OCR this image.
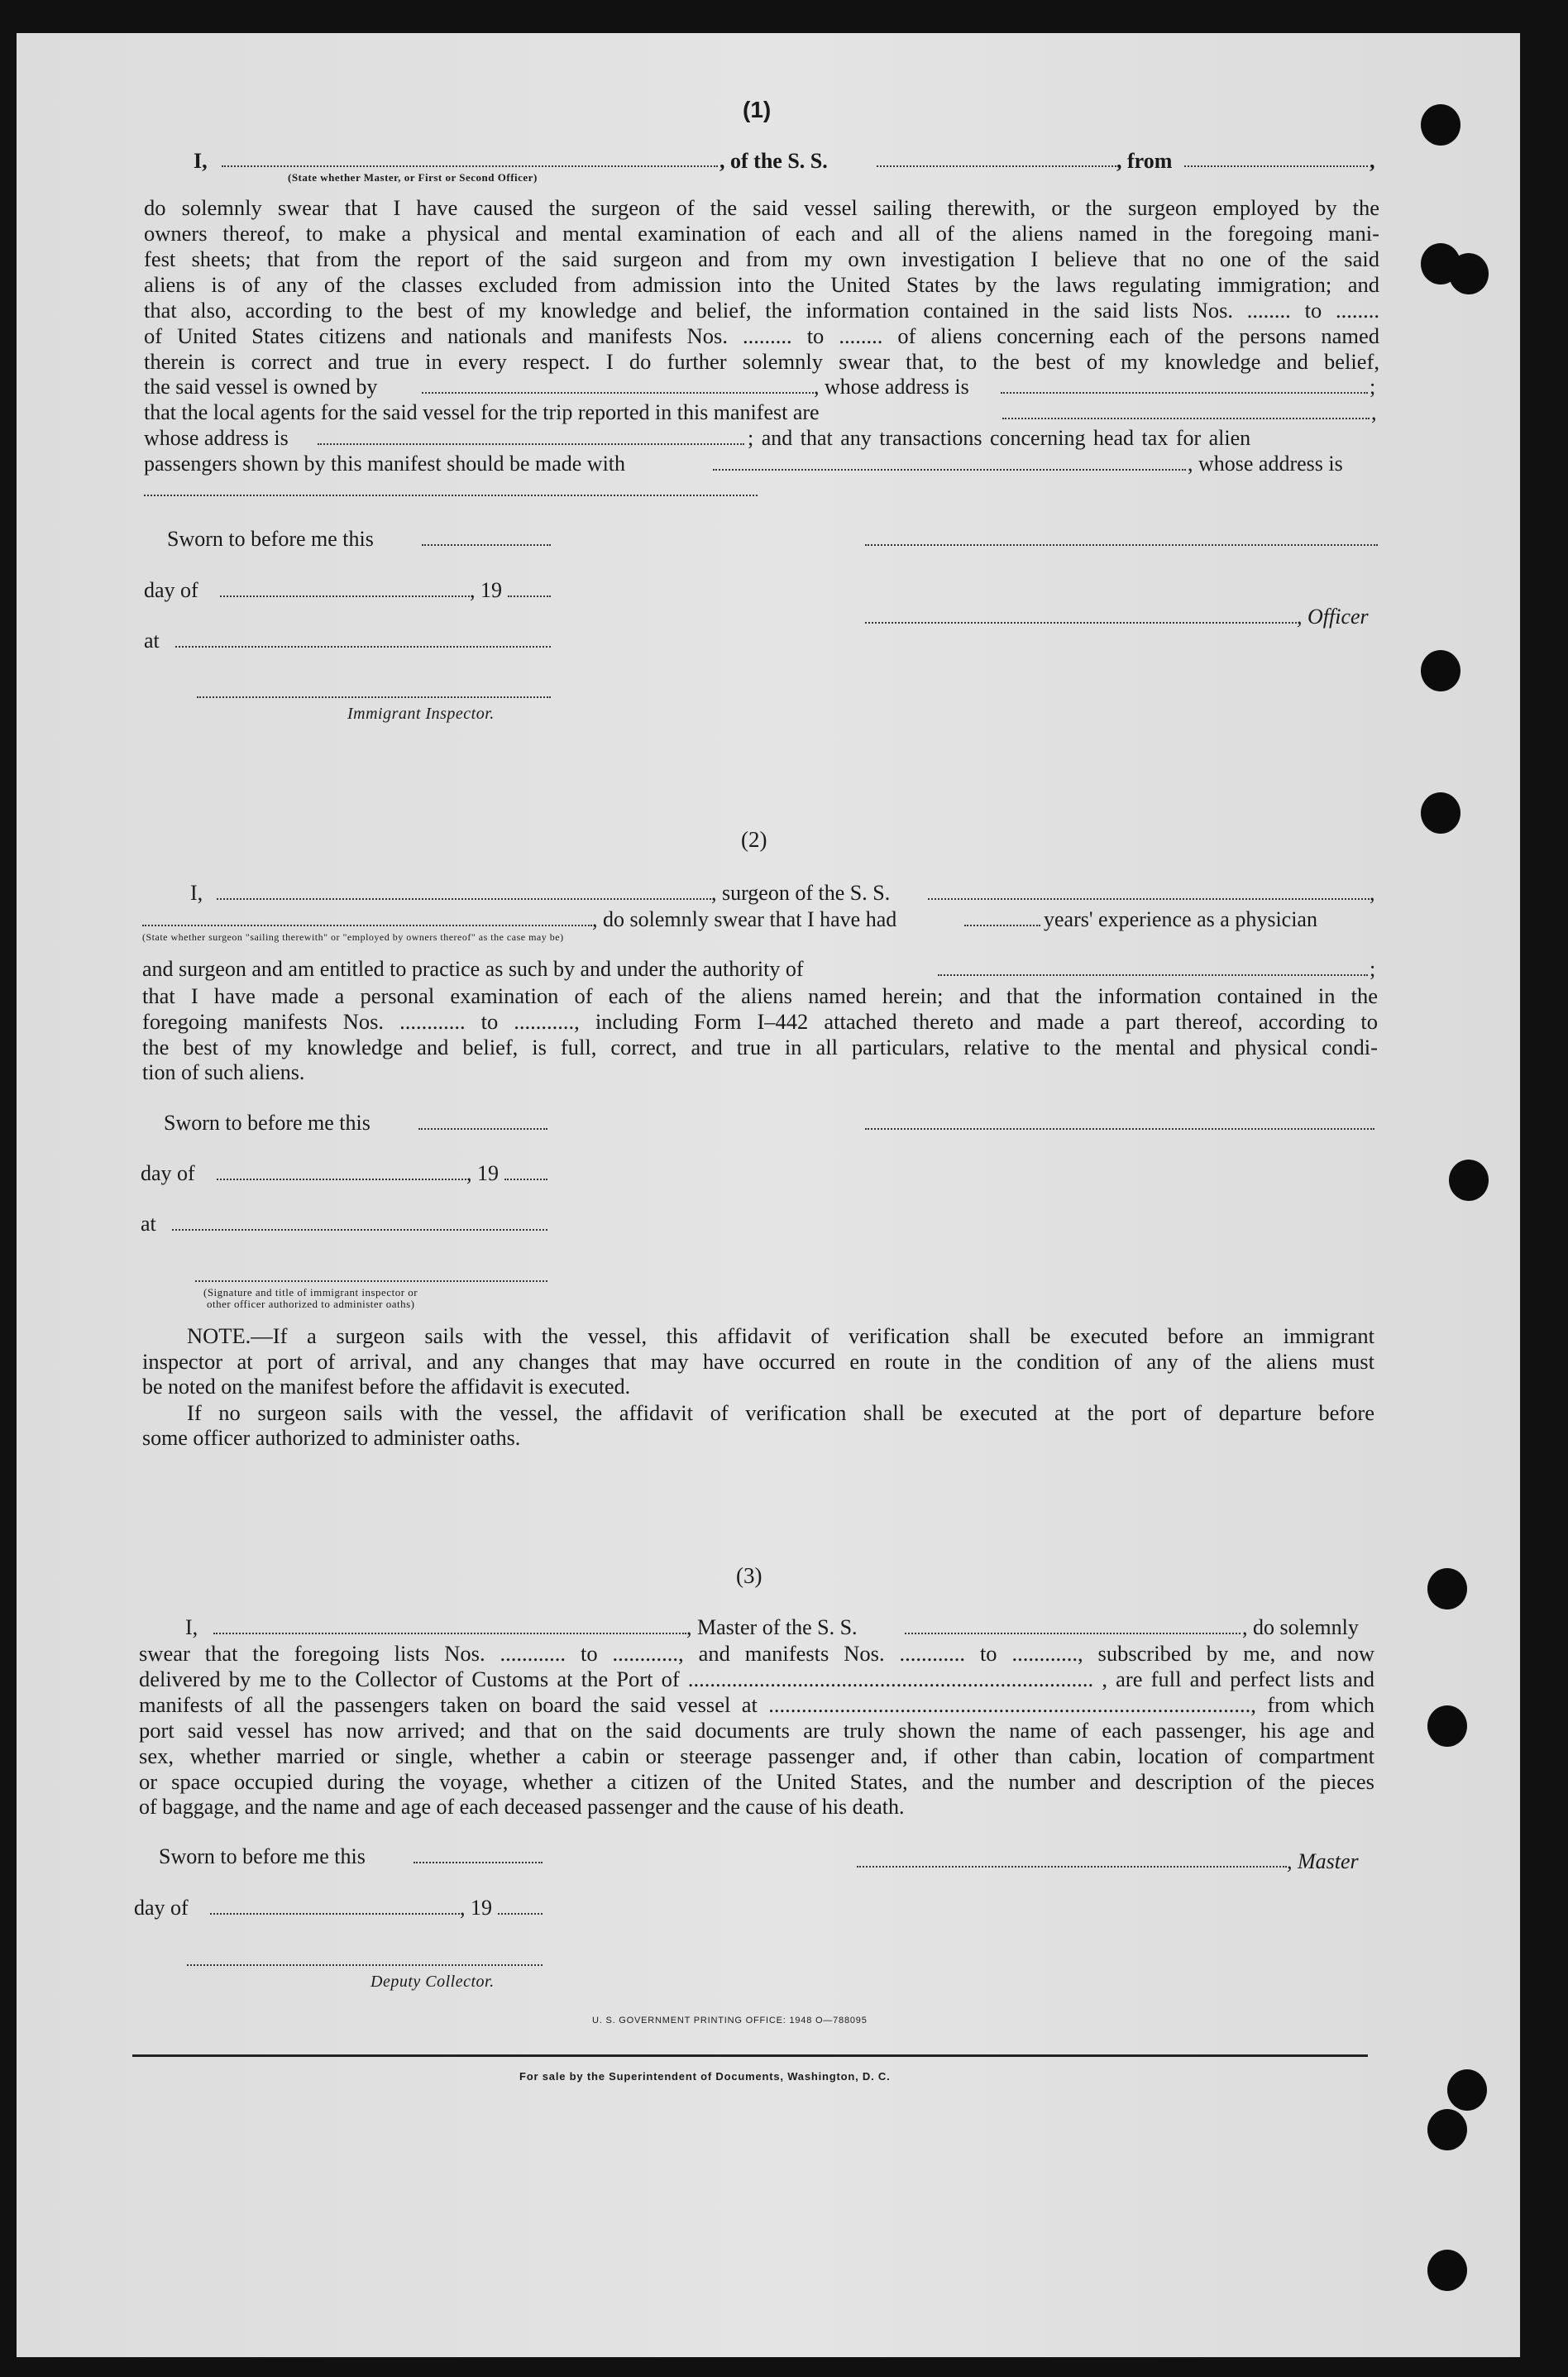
(1)
I,	, of the S. S.	, from	,
(State whether Master, or First or Second Officer)
do solemnly swear that I have caused the surgeon of the said vessel sailing therewith, or the surgeon employed by the
owners thereof, to make a physical and mental examination of each and all of the aliens named in the foregoing mani-
fest sheets; that from the report of the said surgeon and from my own investigation I believe that no one of the said
aliens is of any of the classes excluded from admission into the United States by the laws regulating immigration; and
that also, according to the best of my knowledge and belief, the information contained in the said lists Nos. ........ to ........
of United States citizens and nationals and manifests Nos. ......... to ........ of aliens concerning each of the persons named
therein is correct and true in every respect. I do further solemnly swear that, to the best of my knowledge and belief,
the said vessel is owned by	, whose address is	;
that the local agents for the said vessel for the trip reported in this manifest are	,
whose address is	; and that any transactions concerning head tax for alien
passengers shown by this manifest should be made with	, whose address is
Sworn to before me this
day of	, 19
, Officer
at
Immigrant Inspector.
(2)
I,	, surgeon of the S. S.	,
, do solemnly swear that I have had	years' experience as a physician
(State whether surgeon "sailing therewith" or "employed by owners thereof" as the case may be)
and surgeon and am entitled to practice as such by and under the authority of	;
that I have made a personal examination of each of the aliens named herein; and that the information contained in the
foregoing manifests Nos. ............ to ..........., including Form I–442 attached thereto and made a part thereof, according to
the best of my knowledge and belief, is full, correct, and true in all particulars, relative to the mental and physical condi-
tion of such aliens.
Sworn to before me this
day of	, 19
at
(Signature and title of immigrant inspector or
other officer authorized to administer oaths)
NOTE.—If a surgeon sails with the vessel, this affidavit of verification shall be executed before an immigrant
inspector at port of arrival, and any changes that may have occurred en route in the condition of any of the aliens must
be noted on the manifest before the affidavit is executed.
If no surgeon sails with the vessel, the affidavit of verification shall be executed at the port of departure before
some officer authorized to administer oaths.
(3)
I,	, Master of the S. S.	, do solemnly
swear that the foregoing lists Nos. ............ to ............, and manifests Nos. ............ to ............, subscribed by me, and now
delivered by me to the Collector of Customs at the Port of .......................................................................... , are full and perfect lists and
manifests of all the passengers taken on board the said vessel at ........................................................................................, from which
port said vessel has now arrived; and that on the said documents are truly shown the name of each passenger, his age and
sex, whether married or single, whether a cabin or steerage passenger and, if other than cabin, location of compartment
or space occupied during the voyage, whether a citizen of the United States, and the number and description of the pieces
of baggage, and the name and age of each deceased passenger and the cause of his death.
Sworn to before me this	, Master
day of	, 19
Deputy Collector.
U. S. GOVERNMENT PRINTING OFFICE: 1948 O—788095
For sale by the Superintendent of Documents, Washington, D. C.
